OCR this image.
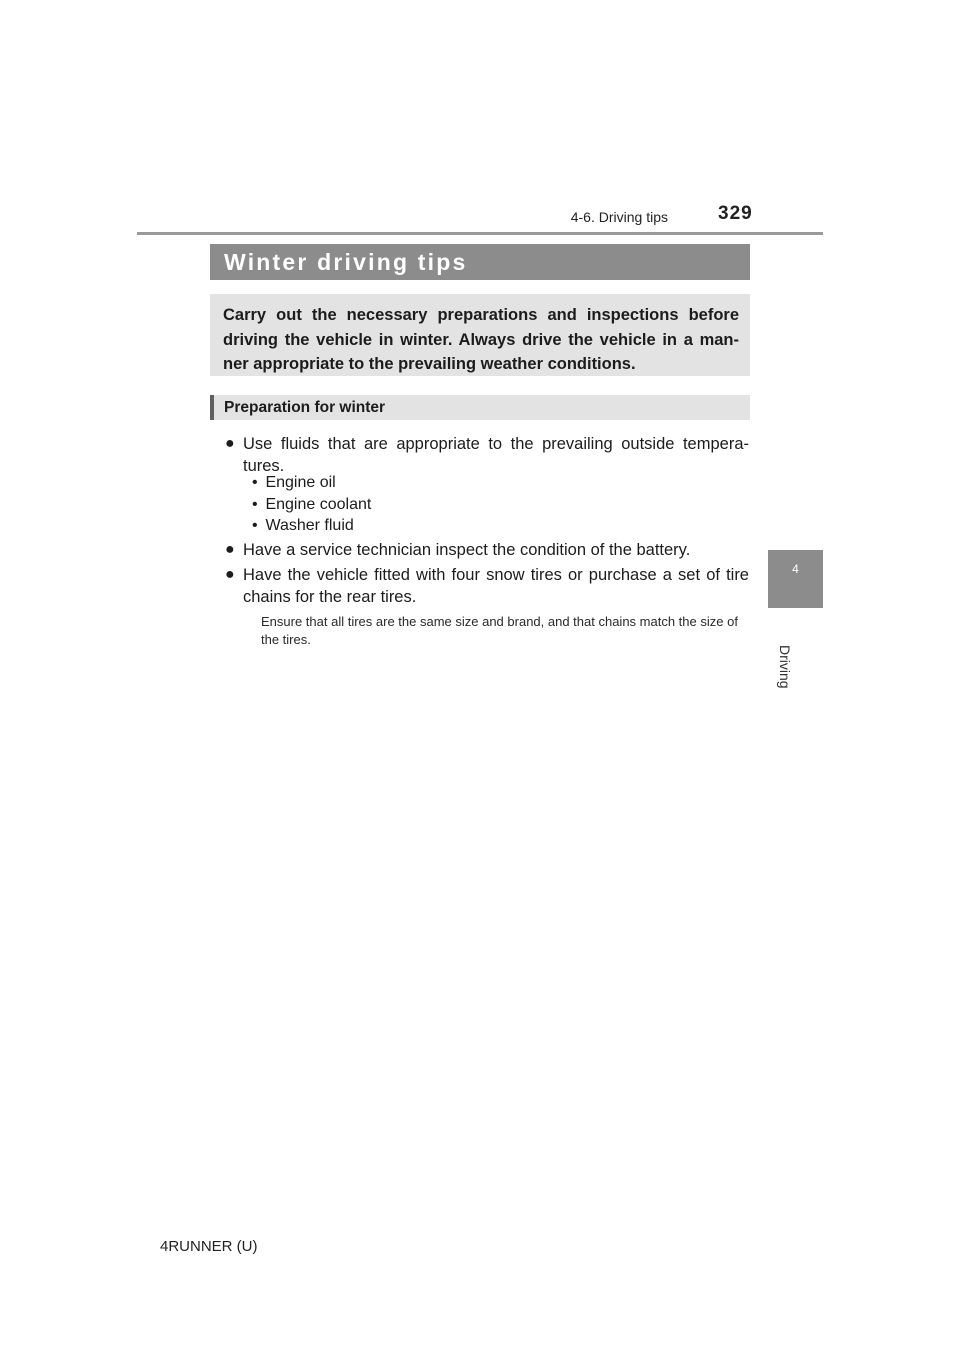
4-6. Driving tips	329
Winter driving tips
Carry out the necessary preparations and inspections before driving the vehicle in winter. Always drive the vehicle in a man-ner appropriate to the prevailing weather conditions.
Preparation for winter
● Use fluids that are appropriate to the prevailing outside tempera-tures.
• Engine oil
• Engine coolant
• Washer fluid
● Have a service technician inspect the condition of the battery.
● Have the vehicle fitted with four snow tires or purchase a set of tire chains for the rear tires.
Ensure that all tires are the same size and brand, and that chains match the size of the tires.
4
Driving
4RUNNER (U)
